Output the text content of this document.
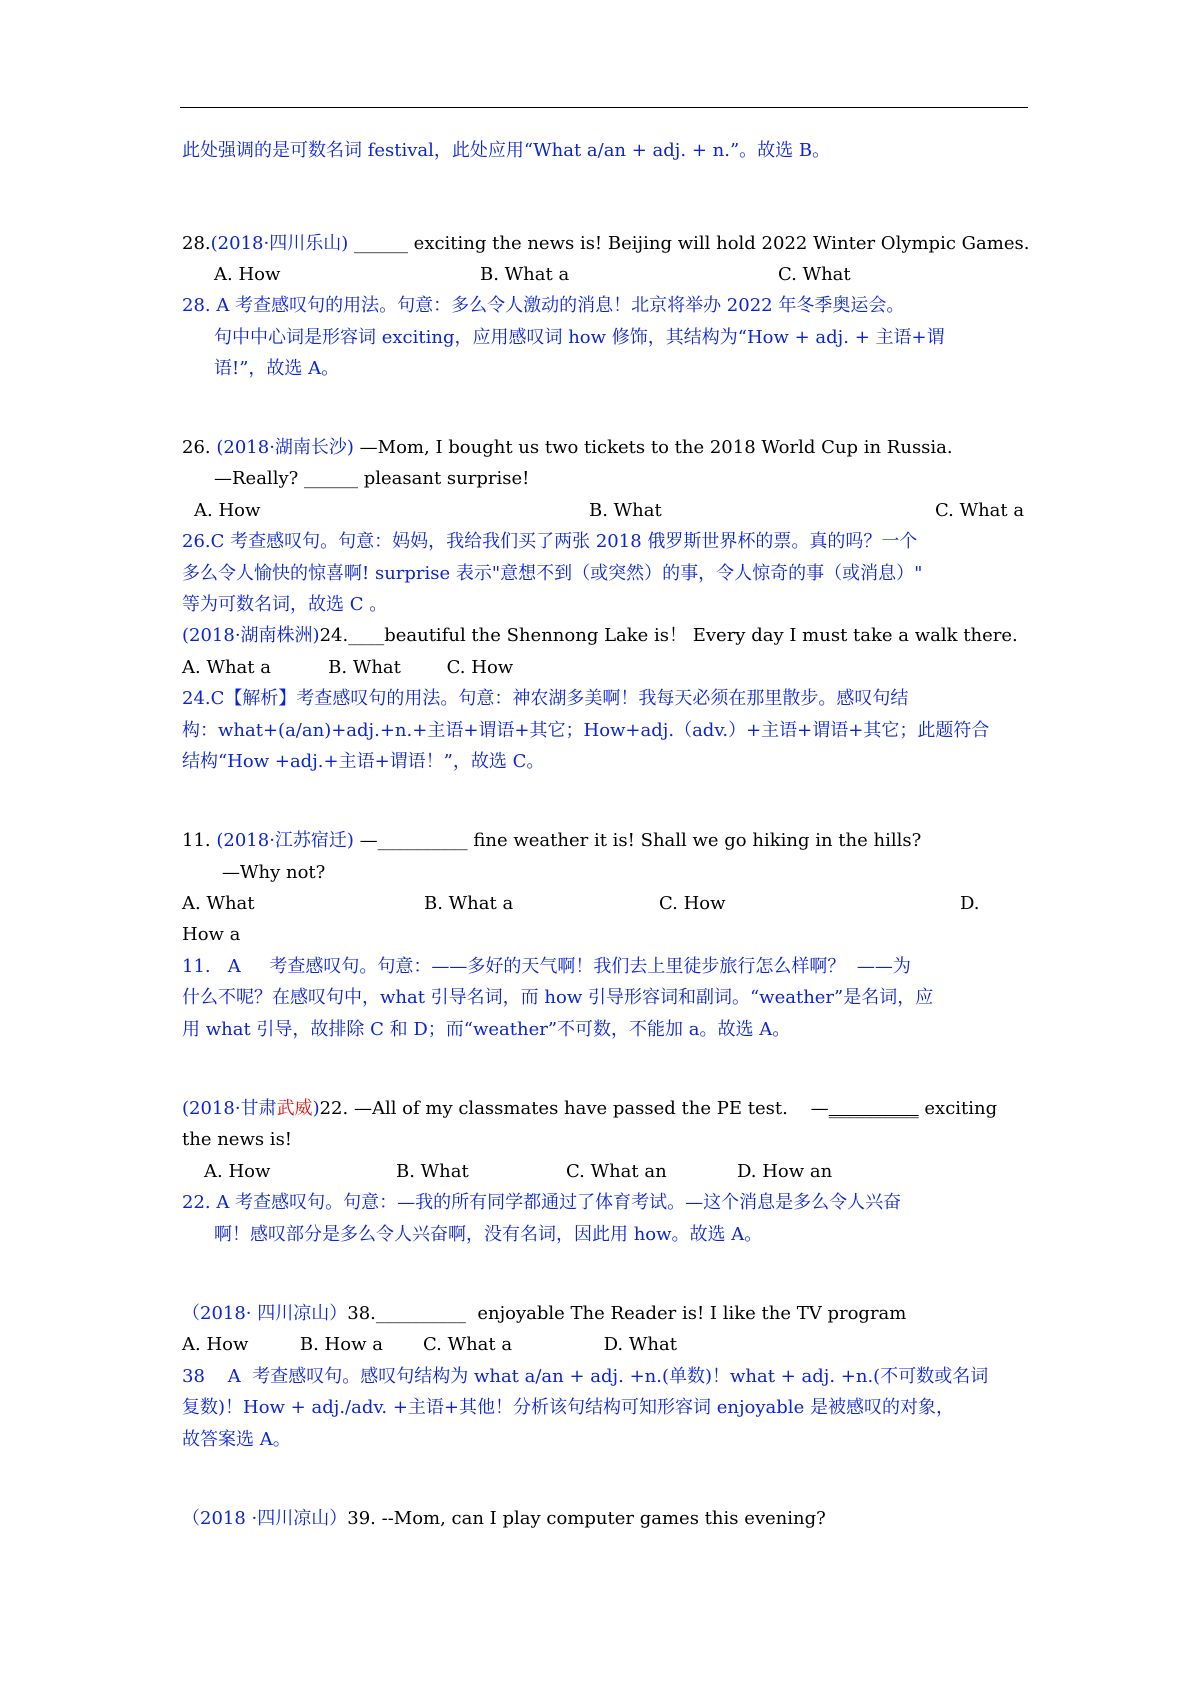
此处强调的是可数名词 festival，此处应用“What a/an + adj. + n.”。故选 B。
28.(2018·四川乐山) ______ exciting the news is! Beijing will hold 2022 Winter Olympic Games.
A. How	B. What a	C. What
28. A 考查感叹句的用法。句意：多么令人激动的消息！北京将举办 2022 年冬季奥运会。
句中中心词是形容词 exciting，应用感叹词 how 修饰，其结构为“How + adj. + 主语+谓
语!”，故选 A。
26. (2018·湖南长沙) —Mom, I bought us two tickets to the 2018 World Cup in Russia.
—Really? ______ pleasant surprise!
A. How	B. What	C. What a
26.C 考查感叹句。句意：妈妈，我给我们买了两张 2018 俄罗斯世界杯的票。真的吗？一个
多么令人愉快的惊喜啊! surprise 表示"意想不到（或突然）的事，令人惊奇的事（或消息）"
等为可数名词，故选 C 。
(2018·湖南株洲)24.____beautiful the Shennong Lake is！ Every day I must take a walk there.
A. What a          B. What        C. How
24.C【解析】考查感叹句的用法。句意：神农湖多美啊！我每天必须在那里散步。感叹句结
构：what+(a/an)+adj.+n.+主语+谓语+其它；How+adj.（adv.）+主语+谓语+其它；此题符合
结构“How +adj.+主语+谓语！”，故选 C。
11. (2018·江苏宿迁) —__________ fine weather it is! Shall we go hiking in the hills?
—Why not?
A. What	B. What a	C. How	D.
How a
11.   A     考查感叹句。句意：——多好的天气啊！我们去上里徒步旅行怎么样啊？  ——为
什么不呢？在感叹句中，what 引导名词，而 how 引导形容词和副词。“weather”是名词，应
用 what 引导，故排除 C 和 D；而“weather”不可数，不能加 a。故选 A。
(2018·甘肃武威)22. —All of my classmates have passed the PE test.    —__________ exciting
the news is!
A. How	B. What	C. What an	D. How an
22. A 考查感叹句。句意：—我的所有同学都通过了体育考试。—这个消息是多么令人兴奋
啊！感叹部分是多么令人兴奋啊，没有名词，因此用 how。故选 A。
（2018· 四川凉山）38.__________  enjoyable The Reader is! I like the TV program
A. How         B. How a       C. What a                D. What
38    A  考查感叹句。感叹句结构为 what a/an + adj. +n.(单数)！what + adj. +n.(不可数或名词
复数)！How + adj./adv. +主语+其他！分析该句结构可知形容词 enjoyable 是被感叹的对象，
故答案选 A。
（2018 ·四川凉山）39. --Mom, can I play computer games this evening?
